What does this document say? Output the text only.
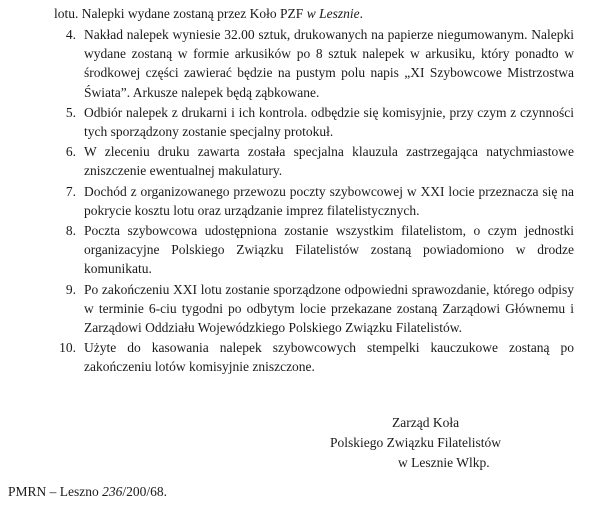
lotu. Nalepki wydane zostaną przez Koło PZF w Lesznie.

4. Nakład nalepek wyniesie 32.00 sztuk, drukowanych na papierze niegumowanym. Nalepki wydane zostaną w formie arkusików po 8 sztuk nalepek w arkusiku, który ponadto w środkowej części zawierać będzie na pustym polu napis „XI Szybowcowe Mistrzostwa Świata”. Arkusze nalepek będą ząbkowane.
5. Odbiór nalepek z drukarni i ich kontrola. odbędzie się komisyjnie, przy czym z czynności tych sporządzony zostanie specjalny protokuł.
6. W zleceniu druku zawarta została specjalna klauzula zastrzegająca natychmiastowe zniszczenie ewentualnej makulatury.
7. Dochód z organizowanego przewozu poczty szybowcowej w XXI locie przeznacza się na pokrycie kosztu lotu oraz urządzanie imprez filatelistycznych.
8. Poczta szybowcowa udostępniona zostanie wszystkim filatelistom, o czym jednostki organizacyjne Polskiego Związku Filatelistów zostaną powiadomiono w drodze komunikatu.
9. Po zakończeniu XXI lotu zostanie sporządzone odpowiedni sprawozdanie, którego odpisy w terminie 6-ciu tygodni po odbytym locie przekazane zostaną Zarządowi Głównemu i Zarządowi Oddziału Wojewódzkiego Polskiego Związku Filatelistów.
10. Użyte do kasowania nalepek szybowcowych stempelki kauczukowe zostaną po zakończeniu lotów komisyjnie zniszczone.
Zarząd Koła
Polskiego Związku Filatelistów
w Lesznie Wlkp.
PMRN – Leszno 236/200/68.
